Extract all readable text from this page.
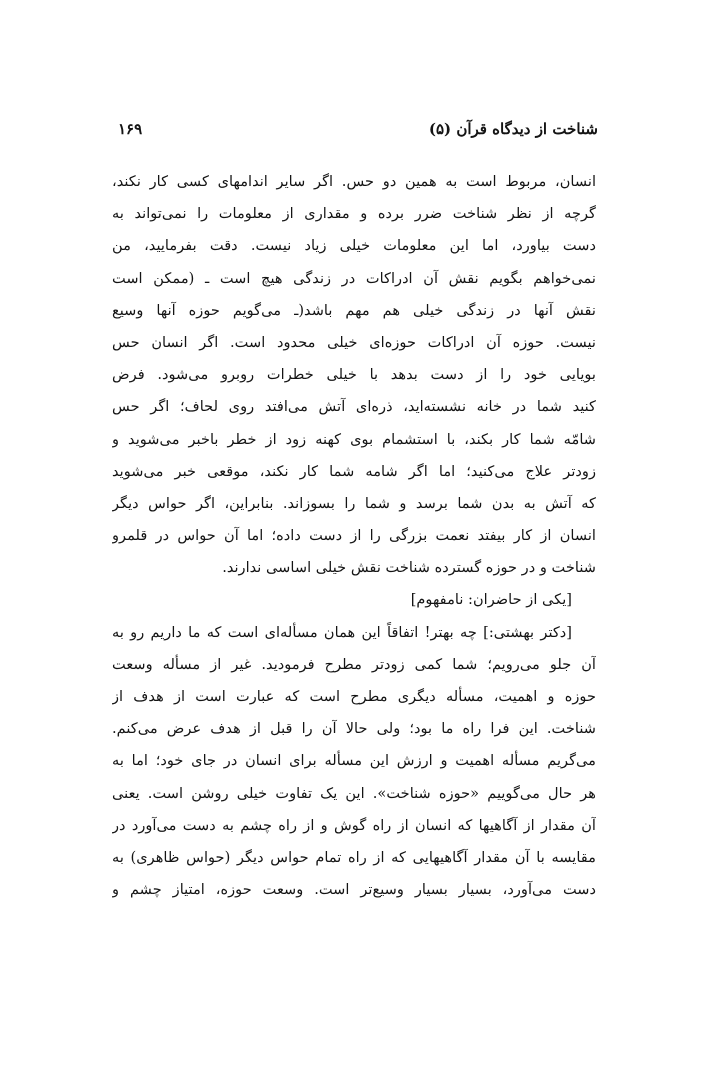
شناخت از دیدگاه قرآن (۵)
۱۶۹
انسان، مربوط است به همین دو حس. اگر سایر اندامهای کسی کار نکند،
گرچه از نظر شناخت ضرر برده و مقداری از معلومات را نمی‌تواند به
دست بیاورد، اما این معلومات خیلی زیاد نیست. دقت بفرمایید، من
نمی‌خواهم بگویم نقش آن ادراکات در زندگی هیچ است ـ (ممکن است
نقش آنها در زندگی خیلی هم مهم باشد(ـ می‌گویم حوزه آنها وسیع
نیست. حوزه آن ادراکات حوزه‌ای خیلی محدود است. اگر انسان حس
بویایی خود را از دست بدهد با خیلی خطرات روبرو می‌شود. فرض
کنید شما در خانه نشسته‌اید، ذره‌ای آتش می‌افتد روی لحاف؛ اگر حس
شامّه شما کار بکند، با استشمام بوی کهنه زود از خطر باخبر می‌شوید و
زودتر علاج می‌کنید؛ اما اگر شامه شما کار نکند، موقعی خبر می‌شوید
که آتش به بدن شما برسد و شما را بسوزاند. بنابراین، اگر حواس دیگر
انسان از کار بیفتد نعمت بزرگی را از دست داده؛ اما آن حواس در قلمرو
شناخت و در حوزه گسترده شناخت نقش خیلی اساسی ندارند.
[یکی از حاضران: نامفهوم]
[دکتر بهشتی:] چه بهتر! اتفاقاً این همان مسأله‌ای است که ما داریم رو به
آن جلو می‌رویم؛ شما کمی زودتر مطرح فرمودید. غیر از مسأله وسعت
حوزه و اهمیت، مسأله دیگری مطرح است که عبارت است از هدف از
شناخت. این فرا راه ما بود؛ ولی حالا آن را قبل از هدف عرض می‌کنم.
می‌گریم مسأله اهمیت و ارزش این مسأله برای انسان در جای خود؛ اما به
هر حال می‌گوییم «حوزه شناخت». این یک تفاوت خیلی روشن است. یعنی
آن مقدار از آگاهیها که انسان از راه گوش و از راه چشم به دست می‌آورد در
مقایسه با آن مقدار آگاهیهایی که از راه تمام حواس دیگر (حواس ظاهری) به
دست می‌آورد، بسیار بسیار وسیع‌تر است. وسعت حوزه، امتیاز چشم و
